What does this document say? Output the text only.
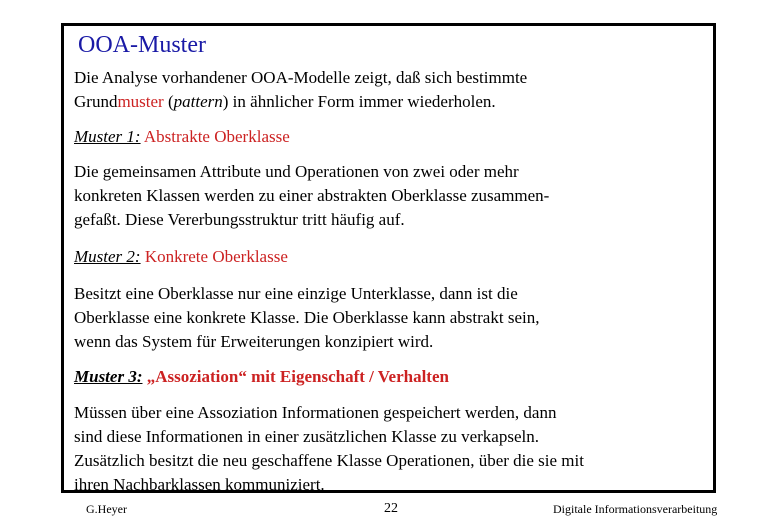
OOA-Muster
Die Analyse vorhandener OOA-Modelle zeigt, daß sich bestimmte
Grundmuster (pattern) in ähnlicher Form immer wiederholen.
Muster 1: Abstrakte Oberklasse
Die gemeinsamen Attribute und Operationen von zwei oder mehr
konkreten Klassen werden zu einer abstrakten Oberklasse zusammen-
gefaßt. Diese Vererbungsstruktur tritt häufig auf.
Muster 2: Konkrete Oberklasse
Besitzt eine Oberklasse nur eine einzige Unterklasse, dann ist die
Oberklasse eine konkrete Klasse. Die Oberklasse kann abstrakt sein,
wenn das System für Erweiterungen konzipiert wird.
Muster 3: „Assoziation“ mit Eigenschaft / Verhalten
Müssen über eine Assoziation Informationen gespeichert werden, dann
sind diese Informationen in einer zusätzlichen Klasse zu verkapseln.
Zusätzlich besitzt die neu geschaffene Klasse Operationen, über die sie mit
ihren Nachbarklassen kommuniziert.
G.Heyer	22	Digitale Informationsverarbeitung
